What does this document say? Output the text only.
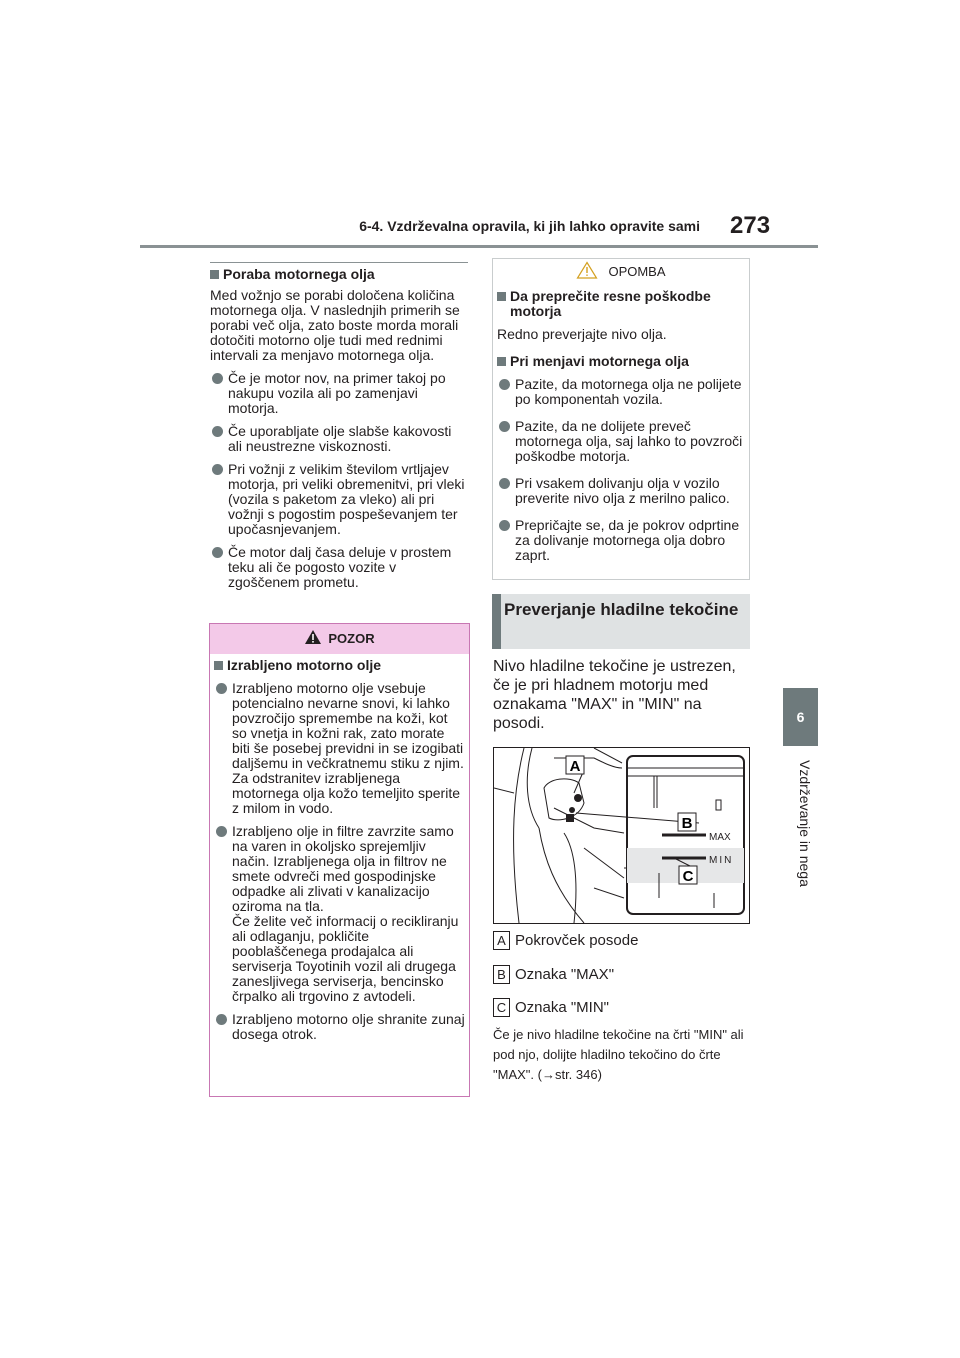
6-4. Vzdrževalna opravila, ki jih lahko opravite sami 273
6
Vzdrževanje in nega

Poraba motornega olja

Med vožnjo se porabi določena količina motornega olja. V naslednjih primerih se porabi več olja, zato boste morda morali dotočiti motorno olje tudi med rednimi intervali za menjavo motornega olja.

Če je motor nov, na primer takoj po nakupu vozila ali po zamenjavi motorja.
Če uporabljate olje slabše kakovosti ali neustrezne viskoznosti.
Pri vožnji z velikim številom vrtljajev motorja, pri veliki obremenitvi, pri vleki (vozila s paketom za vleko) ali pri vožnji s pogostim pospeševanjem ter upočasnjevanjem.
Če motor dalj časa deluje v prostem teku ali če pogosto vozite v zgoščenem prometu.
POZOR

Izrabljeno motorno olje

Izrabljeno motorno olje vsebuje potencialno nevarne snovi, ki lahko povzročijo spremembe na koži, kot so vnetja in kožni rak, zato morate biti še posebej previdni in se izogibati daljšemu in večkratnemu stiku z njim. Za odstranitev izrabljenega motornega olja kožo temeljito sperite z milom in vodo.
Izrabljeno olje in filtre zavrzite samo na varen in okoljsko sprejemljiv način. Izrabljenega olja in filtrov ne smete odvreči med gospodinjske odpadke ali zlivati v kanalizacijo oziroma na tla.
Če želite več informacij o recikliranju ali odlaganju, pokličite pooblaščenega prodajalca ali serviserja Toyotinih vozil ali drugega zanesljivega serviserja, bencinsko črpalko ali trgovino z avtodeli.
Izrabljeno motorno olje shranite zunaj dosega otrok.
OPOMBA

Da preprečite resne poškodbe motorja

Redno preverjajte nivo olja.

Pri menjavi motornega olja

Pazite, da motornega olja ne polijete po komponentah vozila.
Pazite, da ne dolijete preveč motornega olja, saj lahko to povzroči poškodbe motorja.
Pri vsakem dolivanju olja v vozilo preverite nivo olja z merilno palico.
Prepričajte se, da je pokrov odprtine za dolivanje motornega olja dobro zaprt.
Preverjanje hladilne tekočine
Nivo hladilne tekočine je ustrezen, če je pri hladnem motorju med oznakama "MAX" in "MIN" na posodi.
MAX
MIN
A
B
C
A Pokrovček posode
B Oznaka "MAX"
C Oznaka "MIN"
Če je nivo hladilne tekočine na črti "MIN" ali pod njo, dolijte hladilno tekočino do črte "MAX". (→str. 346)
